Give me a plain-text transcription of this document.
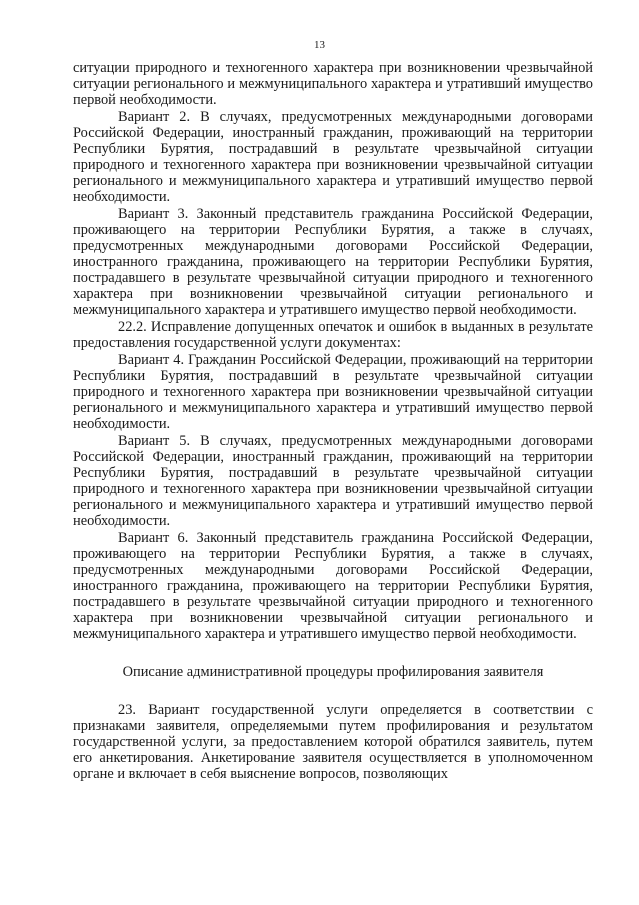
13

ситуации природного и техногенного характера при возникновении чрезвычайной ситуации регионального и межмуниципального характера и утративший имущество первой необходимости.

Вариант 2. В случаях, предусмотренных международными договорами Российской Федерации, иностранный гражданин, проживающий на территории Республики Бурятия, пострадавший в результате чрезвычайной ситуации природного и техногенного характера при возникновении чрезвычайной ситуации регионального и межмуниципального характера и утративший имущество первой необходимости.

Вариант 3. Законный представитель гражданина Российской Федерации, проживающего на территории Республики Бурятия, а также в случаях, предусмотренных международными договорами Российской Федерации, иностранного гражданина, проживающего на территории Республики Бурятия, пострадавшего в результате чрезвычайной ситуации природного и техногенного характера при возникновении чрезвычайной ситуации регионального и межмуниципального характера и утратившего имущество первой необходимости.

22.2. Исправление допущенных опечаток и ошибок в выданных в результате предоставления государственной услуги документах:

Вариант 4. Гражданин Российской Федерации, проживающий на территории Республики Бурятия, пострадавший в результате чрезвычайной ситуации природного и техногенного характера при возникновении чрезвычайной ситуации регионального и межмуниципального характера и утративший имущество первой необходимости.

Вариант 5. В случаях, предусмотренных международными договорами Российской Федерации, иностранный гражданин, проживающий на территории Республики Бурятия, пострадавший в результате чрезвычайной ситуации природного и техногенного характера при возникновении чрезвычайной ситуации регионального и межмуниципального характера и утративший имущество первой необходимости.

Вариант 6. Законный представитель гражданина Российской Федерации, проживающего на территории Республики Бурятия, а также в случаях, предусмотренных международными договорами Российской Федерации, иностранного гражданина, проживающего на территории Республики Бурятия, пострадавшего в результате чрезвычайной ситуации природного и техногенного характера при возникновении чрезвычайной ситуации регионального и межмуниципального характера и утратившего имущество первой необходимости.

Описание административной процедуры профилирования заявителя

23. Вариант государственной услуги определяется в соответствии с признаками заявителя, определяемыми путем профилирования и результатом государственной услуги, за предоставлением которой обратился заявитель, путем его анкетирования. Анкетирование заявителя осуществляется в уполномоченном органе и включает в себя выяснение вопросов, позволяющих
